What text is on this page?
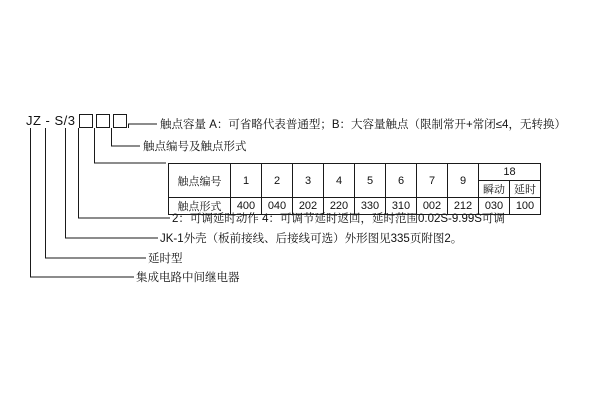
JZ - S/3	触点容量 A：可省略代表普通型；B：大容量触点（限制常开+常闭≤4，无转换）
触点编号及触点形式
2：可调延时动作 4：可调节延时返回，延时范围0.02S-9.99S可调
JK-1外壳（板前接线、后接线可选）外形图见335页附图2。
延时型
集成电路中间继电器
触点编号	1	2	3	4	5	6	7	9	18	
									瞬动	延时
触点形式	400	040	202	220	330	310	002	212	030	100
